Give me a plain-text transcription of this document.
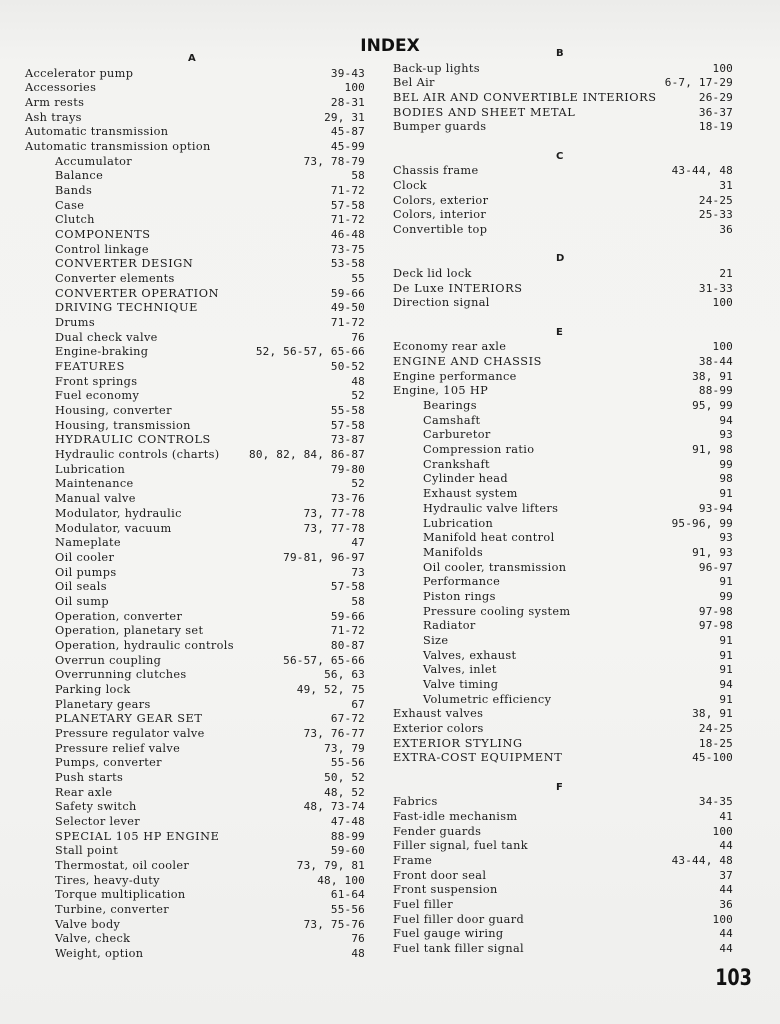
INDEX
A
Accelerator pump	39-43
Accessories	100
Arm rests	28-31
Ash trays	29, 31
Automatic transmission	45-87
Automatic transmission option	45-99
Accumulator	73, 78-79
Balance	58
Bands	71-72
Case	57-58
Clutch	71-72
COMPONENTS	46-48
Control linkage	73-75
CONVERTER DESIGN	53-58
Converter elements	55
CONVERTER OPERATION	59-66
DRIVING TECHNIQUE	49-50
Drums	71-72
Dual check valve	76
Engine-braking	52, 56-57, 65-66
FEATURES	50-52
Front springs	48
Fuel economy	52
Housing, converter	55-58
Housing, transmission	57-58
HYDRAULIC CONTROLS	73-87
Hydraulic controls (charts)	80, 82, 84, 86-87
Lubrication	79-80
Maintenance	52
Manual valve	73-76
Modulator, hydraulic	73, 77-78
Modulator, vacuum	73, 77-78
Nameplate	47
Oil cooler	79-81, 96-97
Oil pumps	73
Oil seals	57-58
Oil sump	58
Operation, converter	59-66
Operation, planetary set	71-72
Operation, hydraulic controls	80-87
Overrun coupling	56-57, 65-66
Overrunning clutches	56, 63
Parking lock	49, 52, 75
Planetary gears	67
PLANETARY GEAR SET	67-72
Pressure regulator valve	73, 76-77
Pressure relief valve	73, 79
Pumps, converter	55-56
Push starts	50, 52
Rear axle	48, 52
Safety switch	48, 73-74
Selector lever	47-48
SPECIAL 105 HP ENGINE	88-99
Stall point	59-60
Thermostat, oil cooler	73, 79, 81
Tires, heavy-duty	48, 100
Torque multiplication	61-64
Turbine, converter	55-56
Valve body	73, 75-76
Valve, check	76
Weight, option	48
B
Back-up lights	100
Bel Air	6-7, 17-29
BEL AIR AND CONVERTIBLE INTERIORS	26-29
BODIES AND SHEET METAL	36-37
Bumper guards	18-19
C
Chassis frame	43-44, 48
Clock	31
Colors, exterior	24-25
Colors, interior	25-33
Convertible top	36
D
Deck lid lock	21
De Luxe INTERIORS	31-33
Direction signal	100
E
Economy rear axle	100
ENGINE AND CHASSIS	38-44
Engine performance	38, 91
Engine, 105 HP	88-99
Bearings	95, 99
Camshaft	94
Carburetor	93
Compression ratio	91, 98
Crankshaft	99
Cylinder head	98
Exhaust system	91
Hydraulic valve lifters	93-94
Lubrication	95-96, 99
Manifold heat control	93
Manifolds	91, 93
Oil cooler, transmission	96-97
Performance	91
Piston rings	99
Pressure cooling system	97-98
Radiator	97-98
Size	91
Valves, exhaust	91
Valves, inlet	91
Valve timing	94
Volumetric efficiency	91
Exhaust valves	38, 91
Exterior colors	24-25
EXTERIOR STYLING	18-25
EXTRA-COST EQUIPMENT	45-100
F
Fabrics	34-35
Fast-idle mechanism	41
Fender guards	100
Filler signal, fuel tank	44
Frame	43-44, 48
Front door seal	37
Front suspension	44
Fuel filler	36
Fuel filler door guard	100
Fuel gauge wiring	44
Fuel tank filler signal	44
103
